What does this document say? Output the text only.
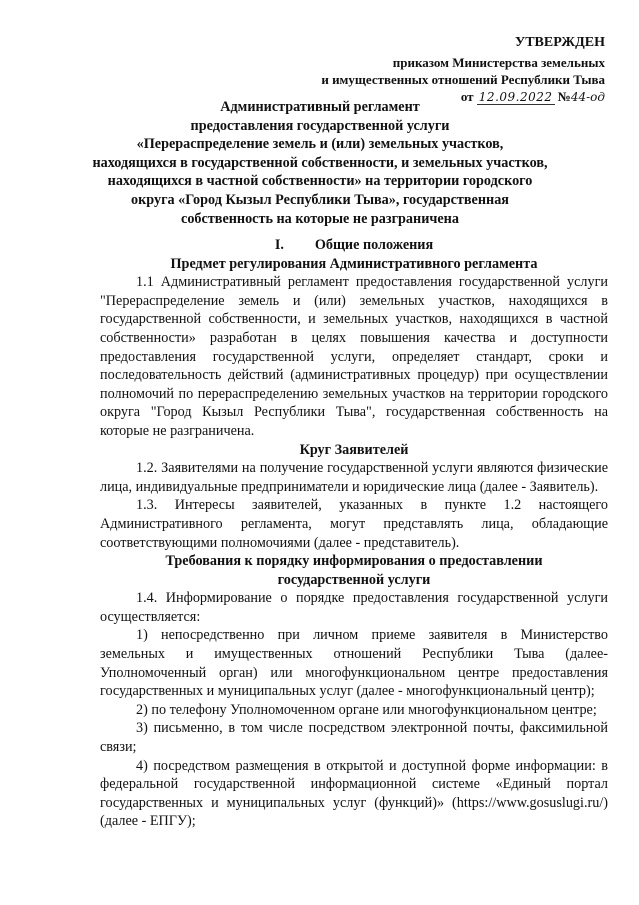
УТВЕРЖДЕН
приказом Министерства земельных
и имущественных отношений Республики Тыва
от 12.09.2022 №44-од
Административный регламент
предоставления государственной услуги
«Перераспределение земель и (или) земельных участков,
находящихся в государственной собственности, и земельных участков,
находящихся в частной собственности» на территории городского
округа «Город Кызыл Республики Тыва», государственная
собственность на которые не разграничена

I. Общие положения

Предмет регулирования Административного регламента

1.1 Административный регламент предоставления государственной услуги "Перераспределение земель и (или) земельных участков, находящихся в государственной собственности, и земельных участков, находящихся в частной собственности» разработан в целях повышения качества и доступности предоставления государственной услуги, определяет стандарт, сроки и последовательность действий (административных процедур) при осуществлении полномочий по перераспределению земельных участков на территории городского округа "Город Кызыл Республики Тыва", государственная собственность на которые не разграничена.

Круг Заявителей

1.2. Заявителями на получение государственной услуги являются физические лица, индивидуальные предприниматели и юридические лица (далее - Заявитель).

1.3. Интересы заявителей, указанных в пункте 1.2 настоящего Административного регламента, могут представлять лица, обладающие соответствующими полномочиями (далее - представитель).

Требования к порядку информирования о предоставлении
государственной услуги

1.4. Информирование о порядке предоставления государственной услуги осуществляется:

1) непосредственно при личном приеме заявителя в Министерство земельных и имущественных отношений Республики Тыва (далее-Уполномоченный орган) или многофункциональном центре предоставления государственных и муниципальных услуг (далее - многофункциональный центр);

2) по телефону Уполномоченном органе или многофункциональном центре;

3) письменно, в том числе посредством электронной почты, факсимильной связи;

4) посредством размещения в открытой и доступной форме информации: в федеральной государственной информационной системе «Единый портал государственных и муниципальных услуг (функций)» (https://www.gosuslugi.ru/) (далее - ЕПГУ);
